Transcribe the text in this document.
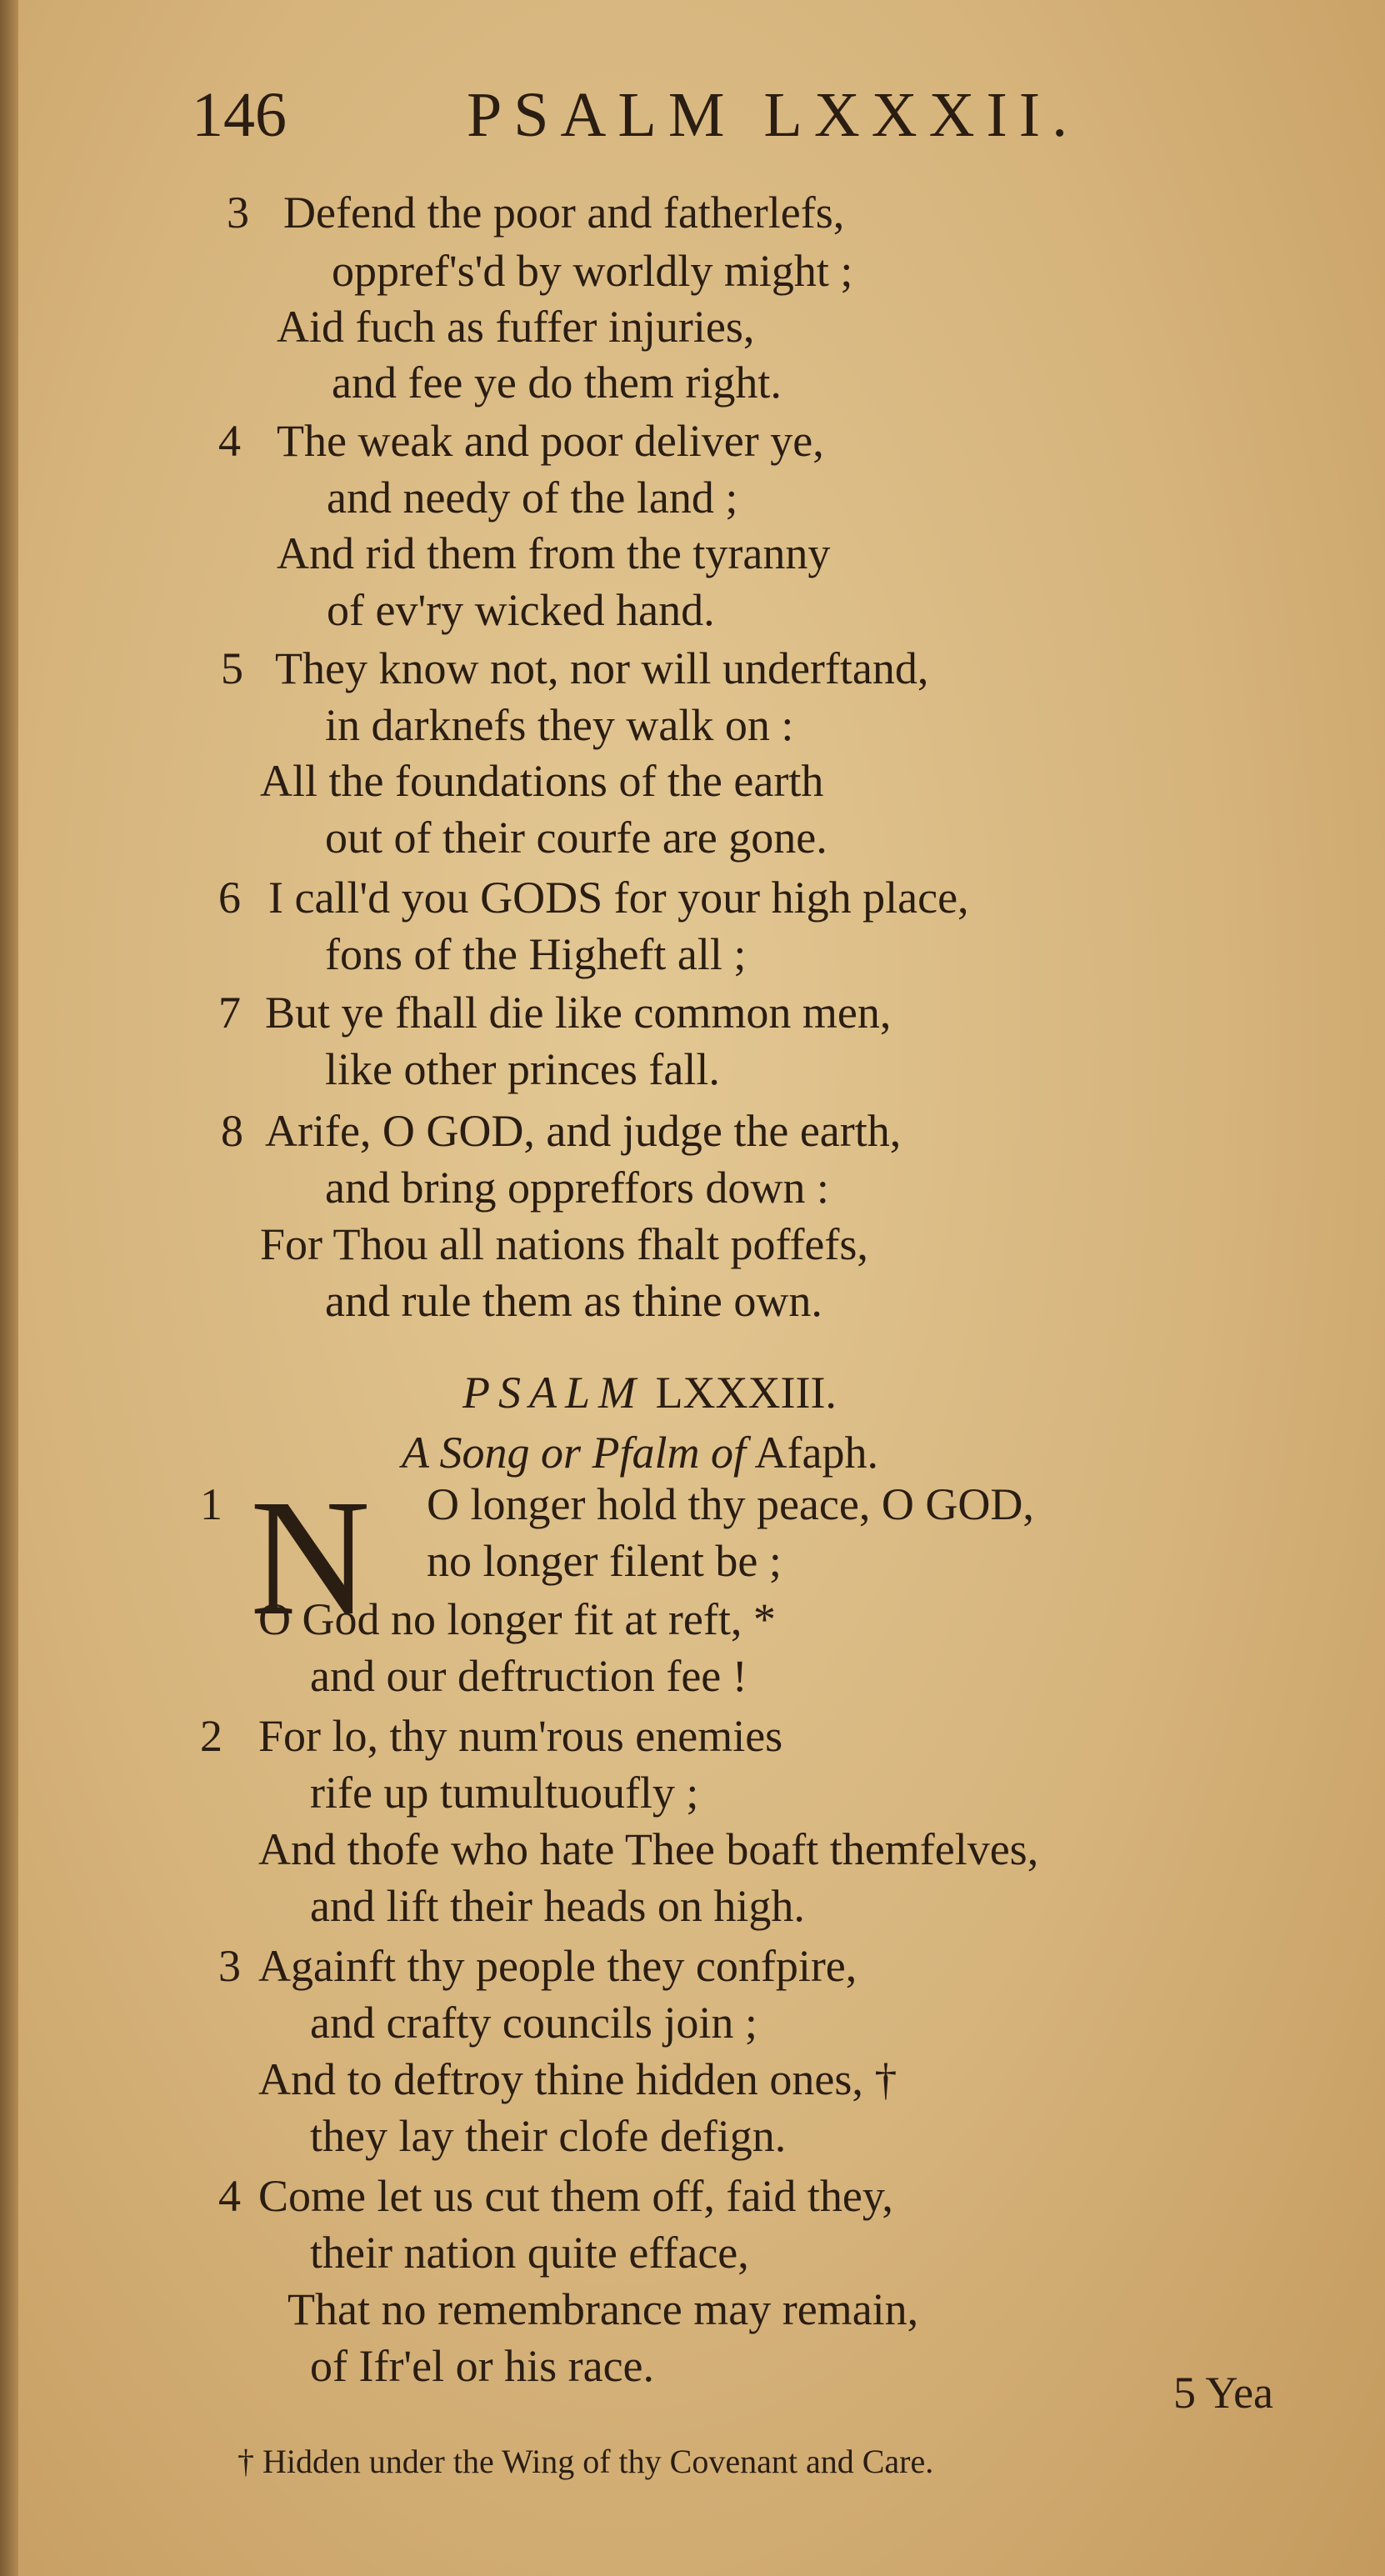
146	PSALM LXXXII.
3 Defend the poor and fatherlefs,
oppref's'd by worldly might ;
Aid fuch as fuffer injuries,
and fee ye do them right.
4 The weak and poor deliver ye,
and needy of the land ;
And rid them from the tyranny
of ev'ry wicked hand.
5 They know not, nor will underftand,
in darknefs they walk on :
All the foundations of the earth
out of their courfe are gone.
6 I call'd you GODS for your high place,
fons of the Higheft all ;
7 But ye fhall die like common men,
like other princes fall.
8 Arife, O GOD, and judge the earth,
and bring oppreffors down :
For Thou all nations fhalt poffefs,
and rule them as thine own.
PSALM LXXXIII.
A Song or Pfalm of Afaph.
N
1	O longer hold thy peace, O GOD,
no longer filent be ;
O God no longer fit at reft, *
and our deftruction fee !
2 For lo, thy num'rous enemies
rife up tumultuoufly ;
And thofe who hate Thee boaft themfelves,
and lift their heads on high.
3 Againft thy people they confpire,
and crafty councils join ;
And to deftroy thine hidden ones, †
they lay their clofe defign.
4 Come let us cut them off, faid they,
their nation quite efface,
That no remembrance may remain,
of Ifr'el or his race.
5 Yea
† Hidden under the Wing of thy Covenant and Care.
